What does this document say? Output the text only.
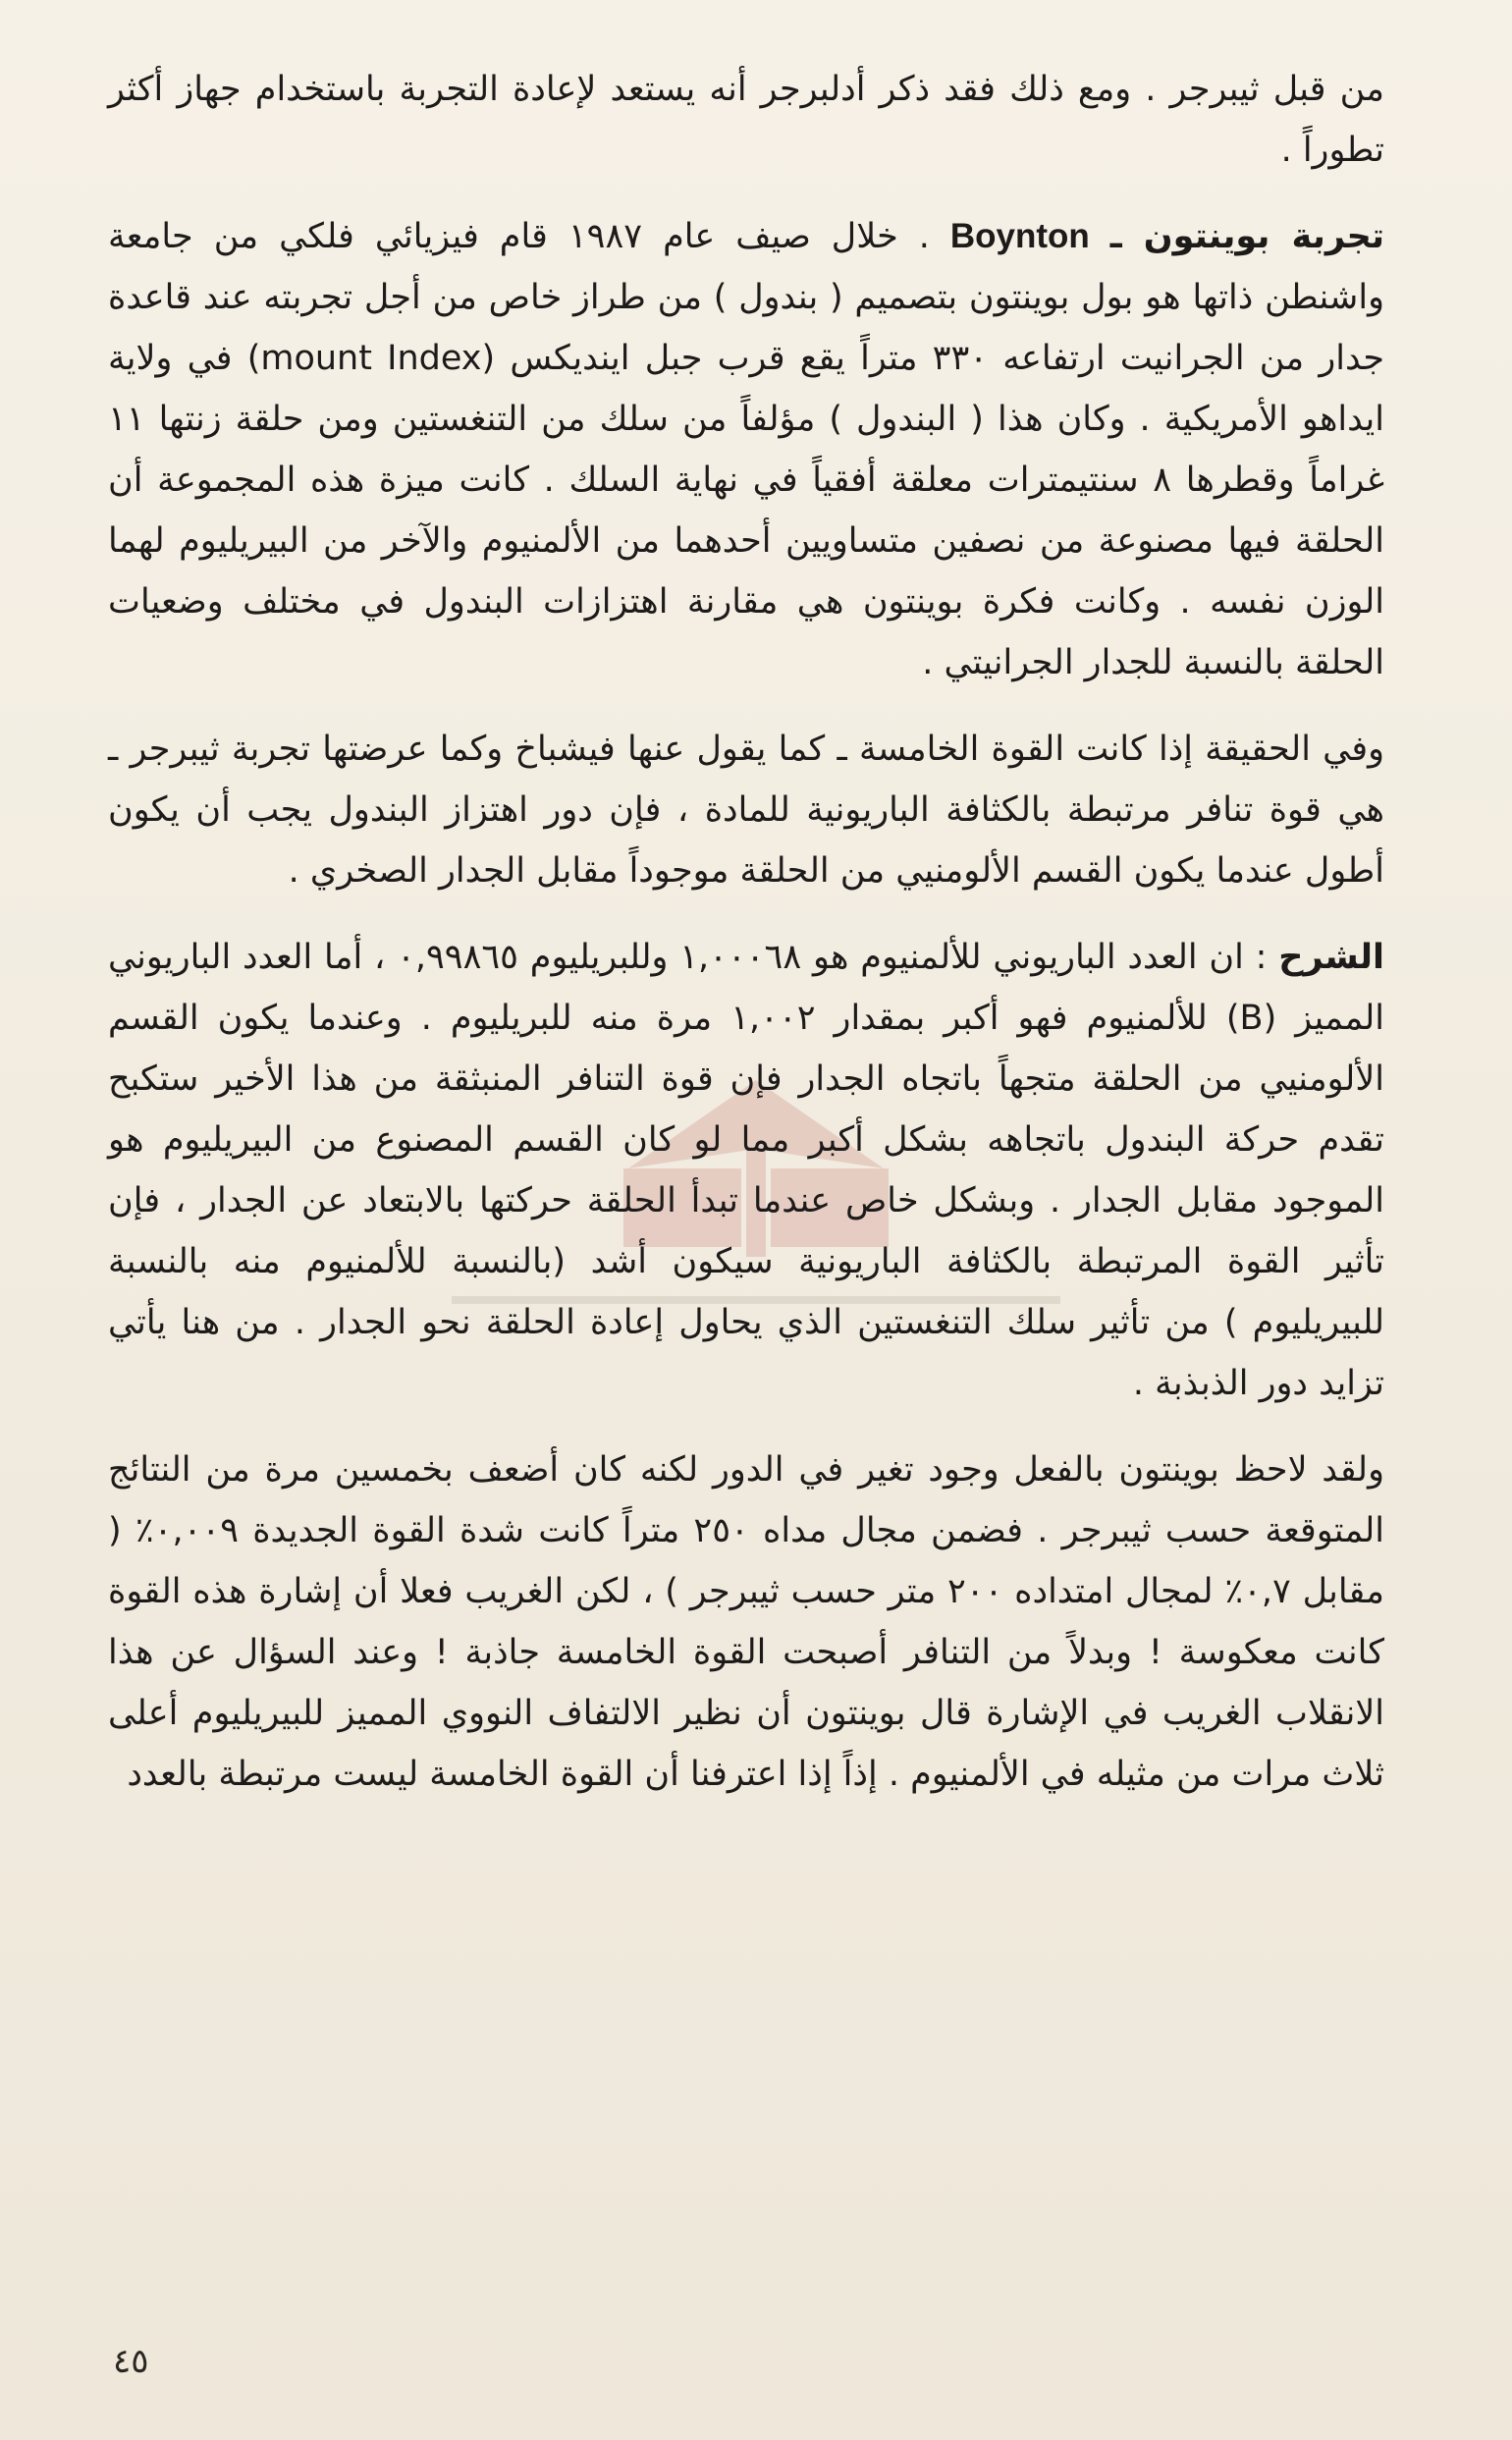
من قبل ثيبرجر . ومع ذلك فقد ذكر أدلبرجر أنه يستعد لإعادة التجربة باستخدام جهاز أكثر تطوراً .

تجربة بوينتون ـ Boynton . خلال صيف عام ١٩٨٧ قام فيزيائي فلكي من جامعة واشنطن ذاتها هو بول بوينتون بتصميم ( بندول ) من طراز خاص من أجل تجربته عند قاعدة جدار من الجرانيت ارتفاعه ٣٣٠ متراً يقع قرب جبل اينديكس (mount Index) في ولاية ايداهو الأمريكية . وكان هذا ( البندول ) مؤلفاً من سلك من التنغستين ومن حلقة زنتها ١١ غراماً وقطرها ٨ سنتيمترات معلقة أفقياً في نهاية السلك . كانت ميزة هذه المجموعة أن الحلقة فيها مصنوعة من نصفين متساويين أحدهما من الألمنيوم والآخر من البيريليوم لهما الوزن نفسه . وكانت فكرة بوينتون هي مقارنة اهتزازات البندول في مختلف وضعيات الحلقة بالنسبة للجدار الجرانيتي .

وفي الحقيقة إذا كانت القوة الخامسة ـ كما يقول عنها فيشباخ وكما عرضتها تجربة ثيبرجر ـ هي قوة تنافر مرتبطة بالكثافة الباريونية للمادة ، فإن دور اهتزاز البندول يجب أن يكون أطول عندما يكون القسم الألومنيي من الحلقة موجوداً مقابل الجدار الصخري .

الشرح : ان العدد الباريوني للألمنيوم هو ١,٠٠٠٦٨ وللبريليوم ٠,٩٩٨٦٥ ، أما العدد الباريوني المميز (B) للألمنيوم فهو أكبر بمقدار ١,٠٠٢ مرة منه للبريليوم . وعندما يكون القسم الألومنيي من الحلقة متجهاً باتجاه الجدار فإن قوة التنافر المنبثقة من هذا الأخير ستكبح تقدم حركة البندول باتجاهه بشكل أكبر مما لو كان القسم المصنوع من البيريليوم هو الموجود مقابل الجدار . وبشكل خاص عندما تبدأ الحلقة حركتها بالابتعاد عن الجدار ، فإن تأثير القوة المرتبطة بالكثافة الباريونية سيكون أشد (بالنسبة للألمنيوم منه بالنسبة للبيريليوم ) من تأثير سلك التنغستين الذي يحاول إعادة الحلقة نحو الجدار . من هنا يأتي تزايد دور الذبذبة .

ولقد لاحظ بوينتون بالفعل وجود تغير في الدور لكنه كان أضعف بخمسين مرة من النتائج المتوقعة حسب ثيبرجر . فضمن مجال مداه ٢٥٠ متراً كانت شدة القوة الجديدة ٠,٠٠٩٪ ( مقابل ٠,٧٪ لمجال امتداده ٢٠٠ متر حسب ثيبرجر ) ، لكن الغريب فعلا أن إشارة هذه القوة كانت معكوسة ! وبدلاً من التنافر أصبحت القوة الخامسة جاذبة ! وعند السؤال عن هذا الانقلاب الغريب في الإشارة قال بوينتون أن نظير الالتفاف النووي المميز للبيريليوم أعلى ثلاث مرات من مثيله في الألمنيوم . إذاً إذا اعترفنا أن القوة الخامسة ليست مرتبطة بالعدد

٤٥
